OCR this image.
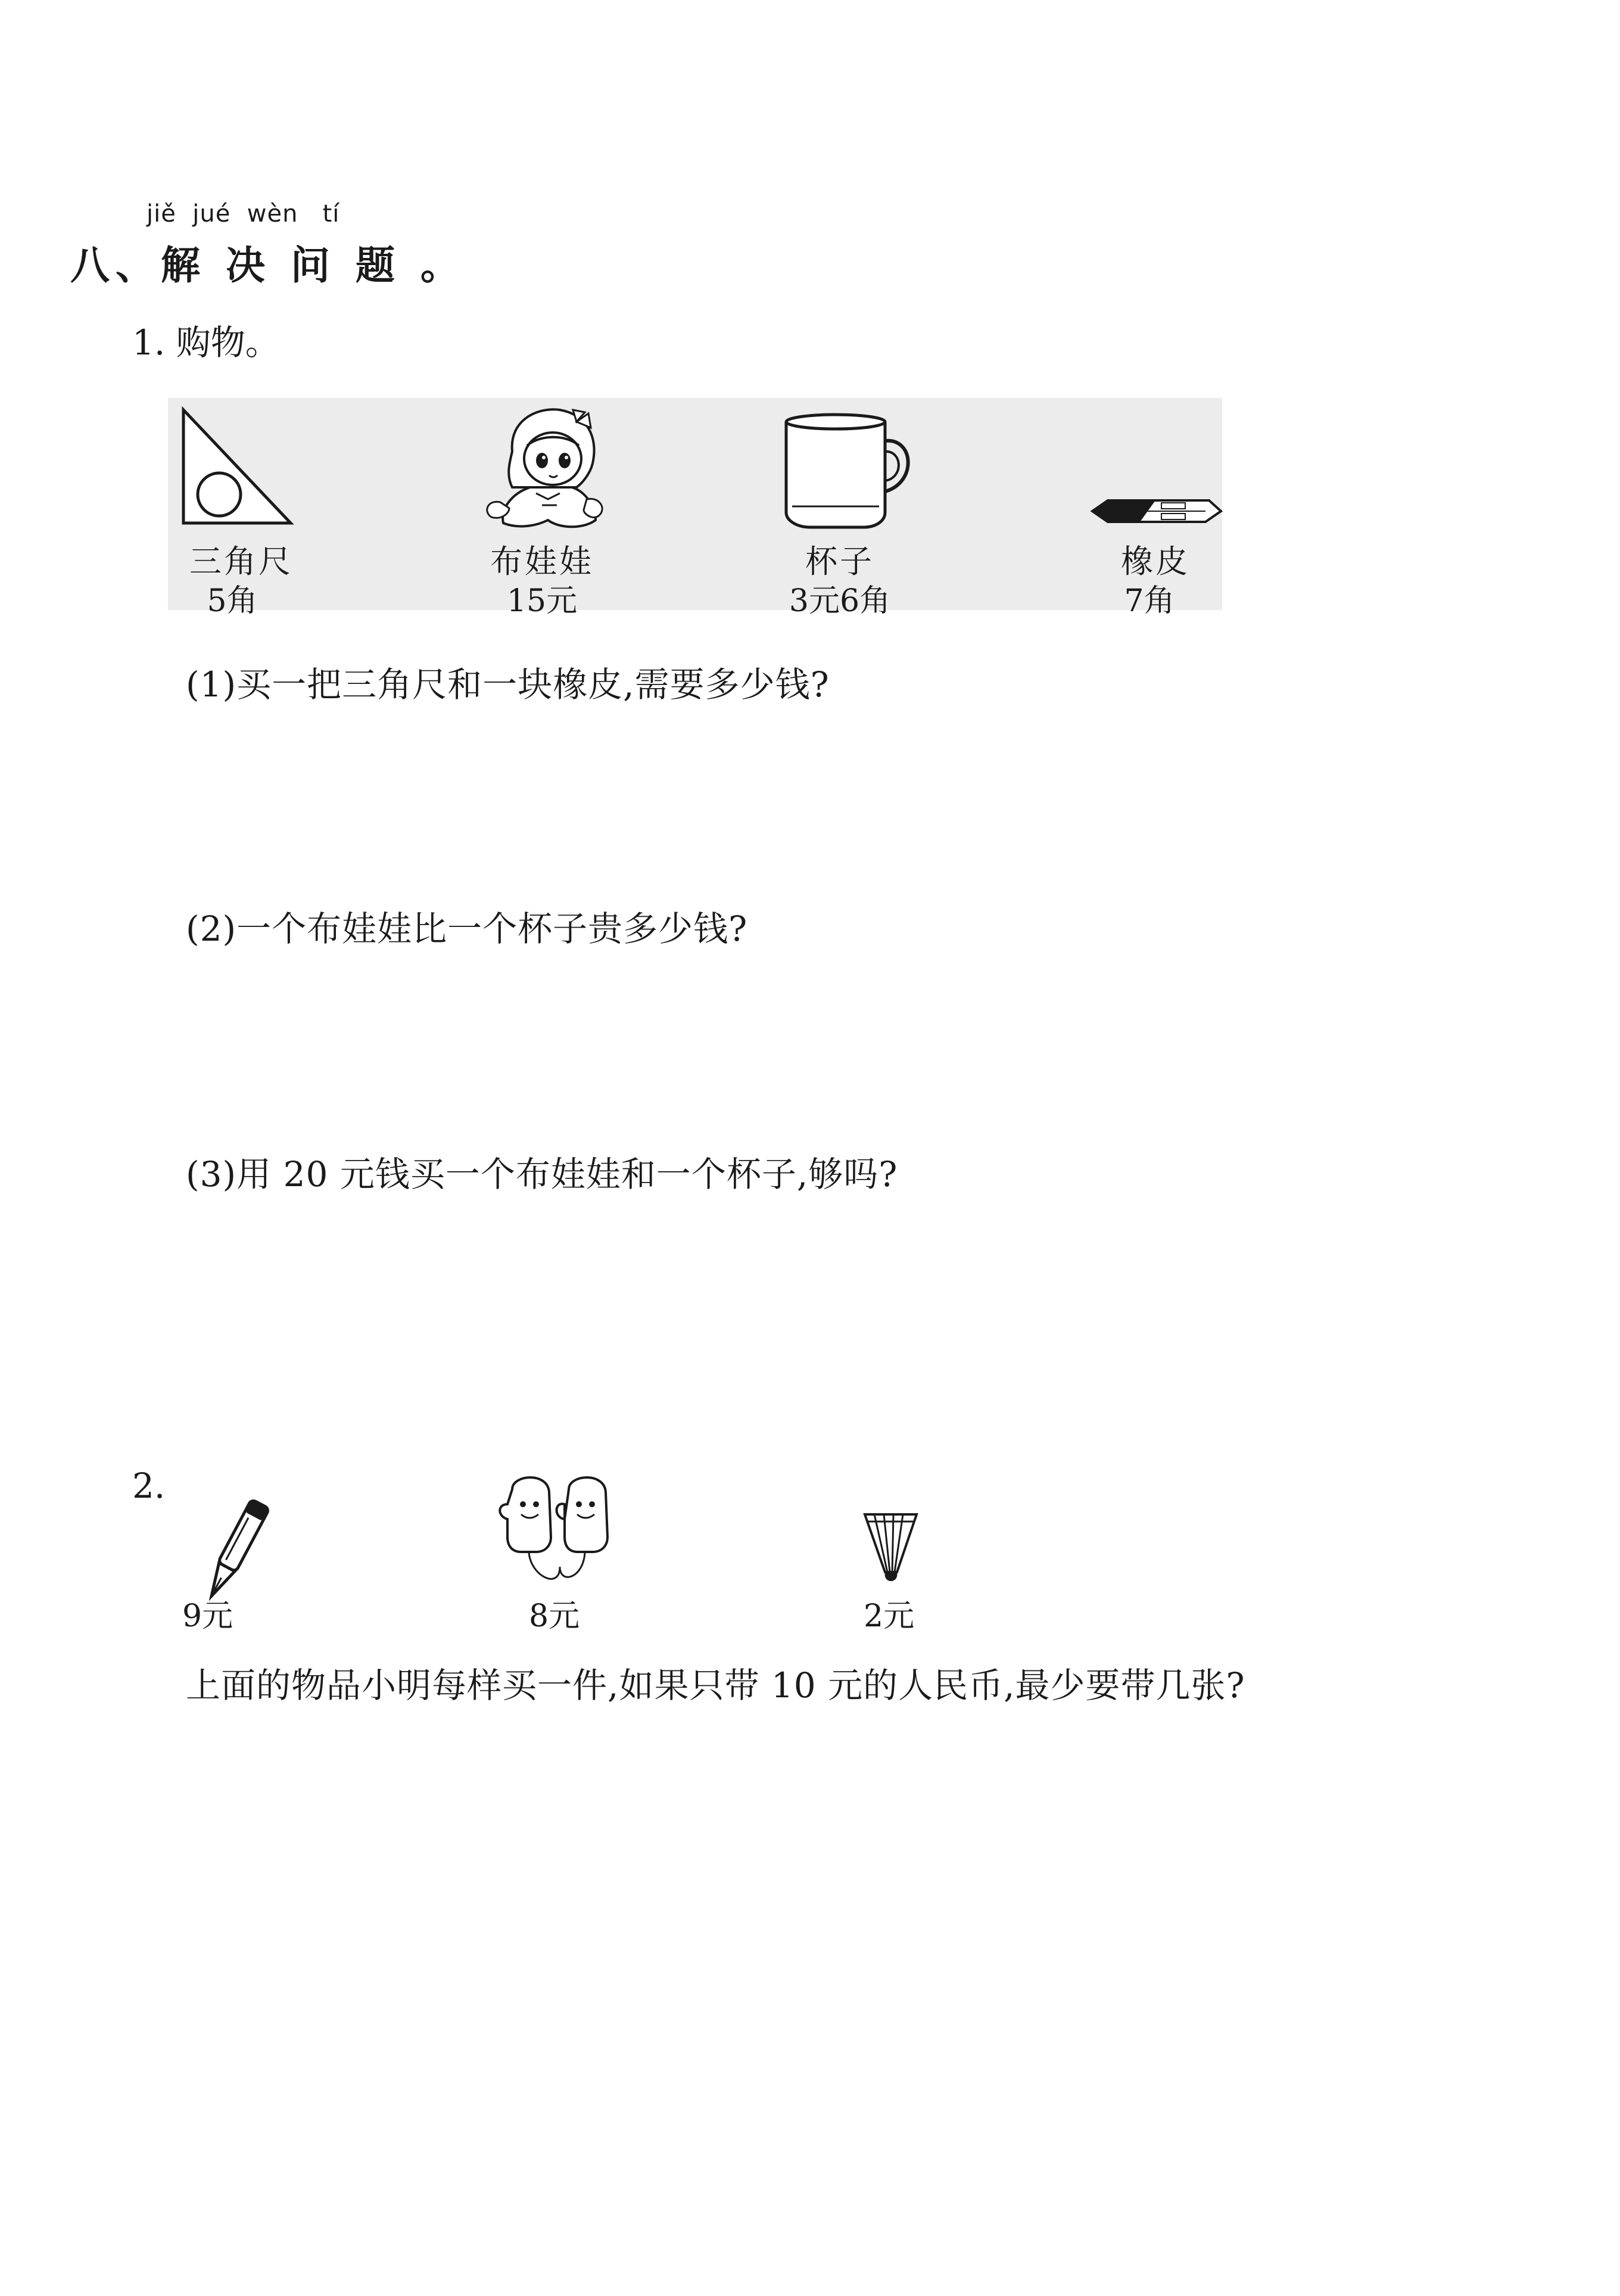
jiě  jué  wèn   tí
八、解 决 问 题 。
1. 购物。
三角尺
5角
布娃娃
15元
杯子
3元6角
橡皮
7角
(1)买一把三角尺和一块橡皮,需要多少钱?
(2)一个布娃娃比一个杯子贵多少钱?
(3)用 20 元钱买一个布娃娃和一个杯子,够吗?
2.
9元	8元	2元
上面的物品小明每样买一件,如果只带 10 元的人民币,最少要带几张?
